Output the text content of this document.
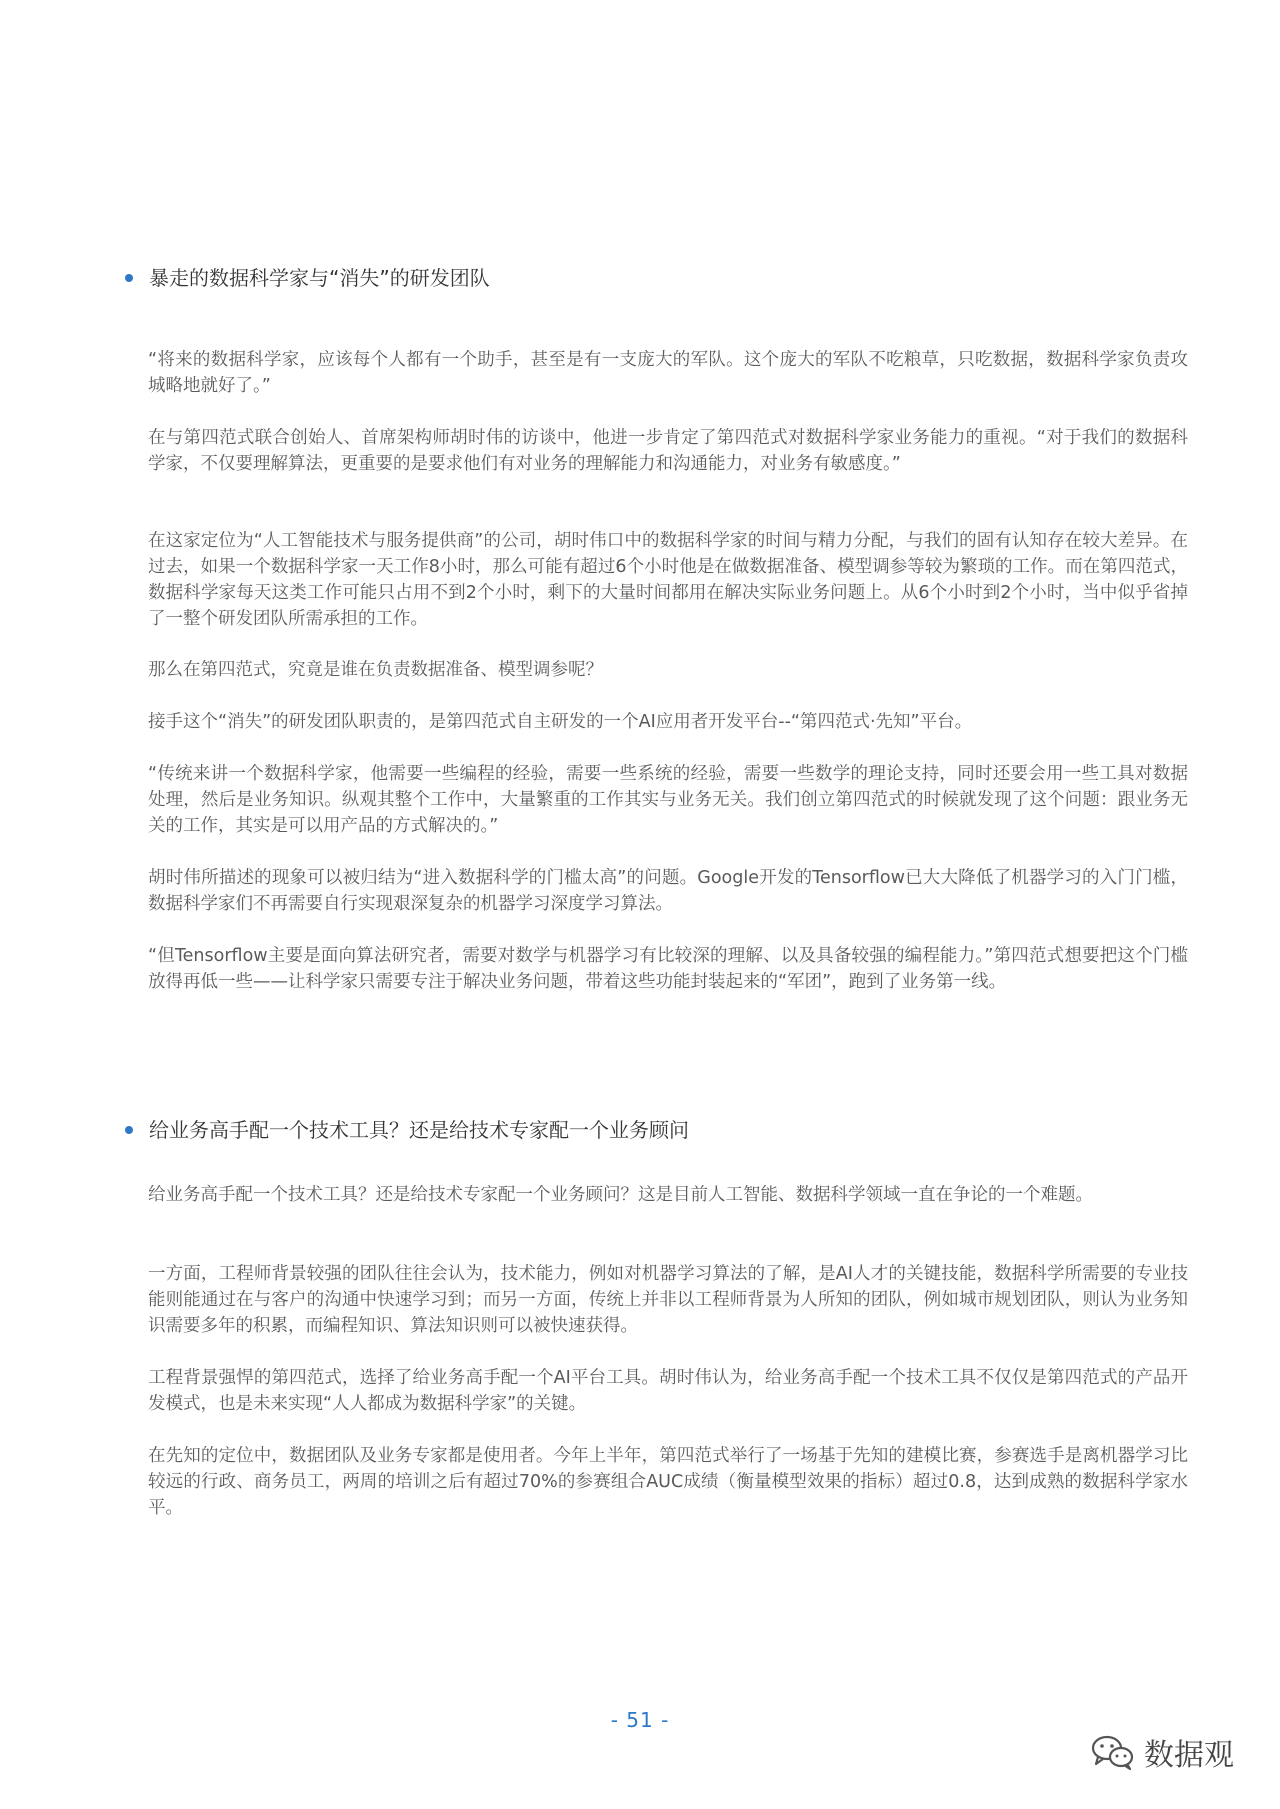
暴走的数据科学家与“消失”的研发团队

“将来的数据科学家，应该每个人都有一个助手，甚至是有一支庞大的军队。这个庞大的军队不吃粮草，只吃数据，数据科学家负责攻城略地就好了。”

在与第四范式联合创始人、首席架构师胡时伟的访谈中，他进一步肯定了第四范式对数据科学家业务能力的重视。“对于我们的数据科学家，不仅要理解算法，更重要的是要求他们有对业务的理解能力和沟通能力，对业务有敏感度。”

在这家定位为“人工智能技术与服务提供商”的公司，胡时伟口中的数据科学家的时间与精力分配，与我们的固有认知存在较大差异。在过去，如果一个数据科学家一天工作8小时，那么可能有超过6个小时他是在做数据准备、模型调参等较为繁琐的工作。而在第四范式，数据科学家每天这类工作可能只占用不到2个小时，剩下的大量时间都用在解决实际业务问题上。从6个小时到2个小时，当中似乎省掉了一整个研发团队所需承担的工作。

那么在第四范式，究竟是谁在负责数据准备、模型调参呢？

接手这个“消失”的研发团队职责的，是第四范式自主研发的一个AI应用者开发平台--“第四范式·先知”平台。

“传统来讲一个数据科学家，他需要一些编程的经验，需要一些系统的经验，需要一些数学的理论支持，同时还要会用一些工具对数据处理，然后是业务知识。纵观其整个工作中，大量繁重的工作其实与业务无关。我们创立第四范式的时候就发现了这个问题：跟业务无关的工作，其实是可以用产品的方式解决的。”

胡时伟所描述的现象可以被归结为“进入数据科学的门槛太高”的问题。Google开发的Tensorflow已大大降低了机器学习的入门门槛，数据科学家们不再需要自行实现艰深复杂的机器学习深度学习算法。

“但Tensorflow主要是面向算法研究者，需要对数学与机器学习有比较深的理解、以及具备较强的编程能力。”第四范式想要把这个门槛放得再低一些——让科学家只需要专注于解决业务问题，带着这些功能封装起来的“军团”，跑到了业务第一线。

给业务高手配一个技术工具？还是给技术专家配一个业务顾问

给业务高手配一个技术工具？还是给技术专家配一个业务顾问？这是目前人工智能、数据科学领域一直在争论的一个难题。

一方面，工程师背景较强的团队往往会认为，技术能力，例如对机器学习算法的了解，是AI人才的关键技能，数据科学所需要的专业技能则能通过在与客户的沟通中快速学习到；而另一方面，传统上并非以工程师背景为人所知的团队，例如城市规划团队，则认为业务知识需要多年的积累，而编程知识、算法知识则可以被快速获得。

工程背景强悍的第四范式，选择了给业务高手配一个AI平台工具。胡时伟认为，给业务高手配一个技术工具不仅仅是第四范式的产品开发模式，也是未来实现“人人都成为数据科学家”的关键。

在先知的定位中，数据团队及业务专家都是使用者。今年上半年，第四范式举行了一场基于先知的建模比赛，参赛选手是离机器学习比较远的行政、商务员工，两周的培训之后有超过70%的参赛组合AUC成绩（衡量模型效果的指标）超过0.8，达到成熟的数据科学家水平。

- 51 -
数据观
